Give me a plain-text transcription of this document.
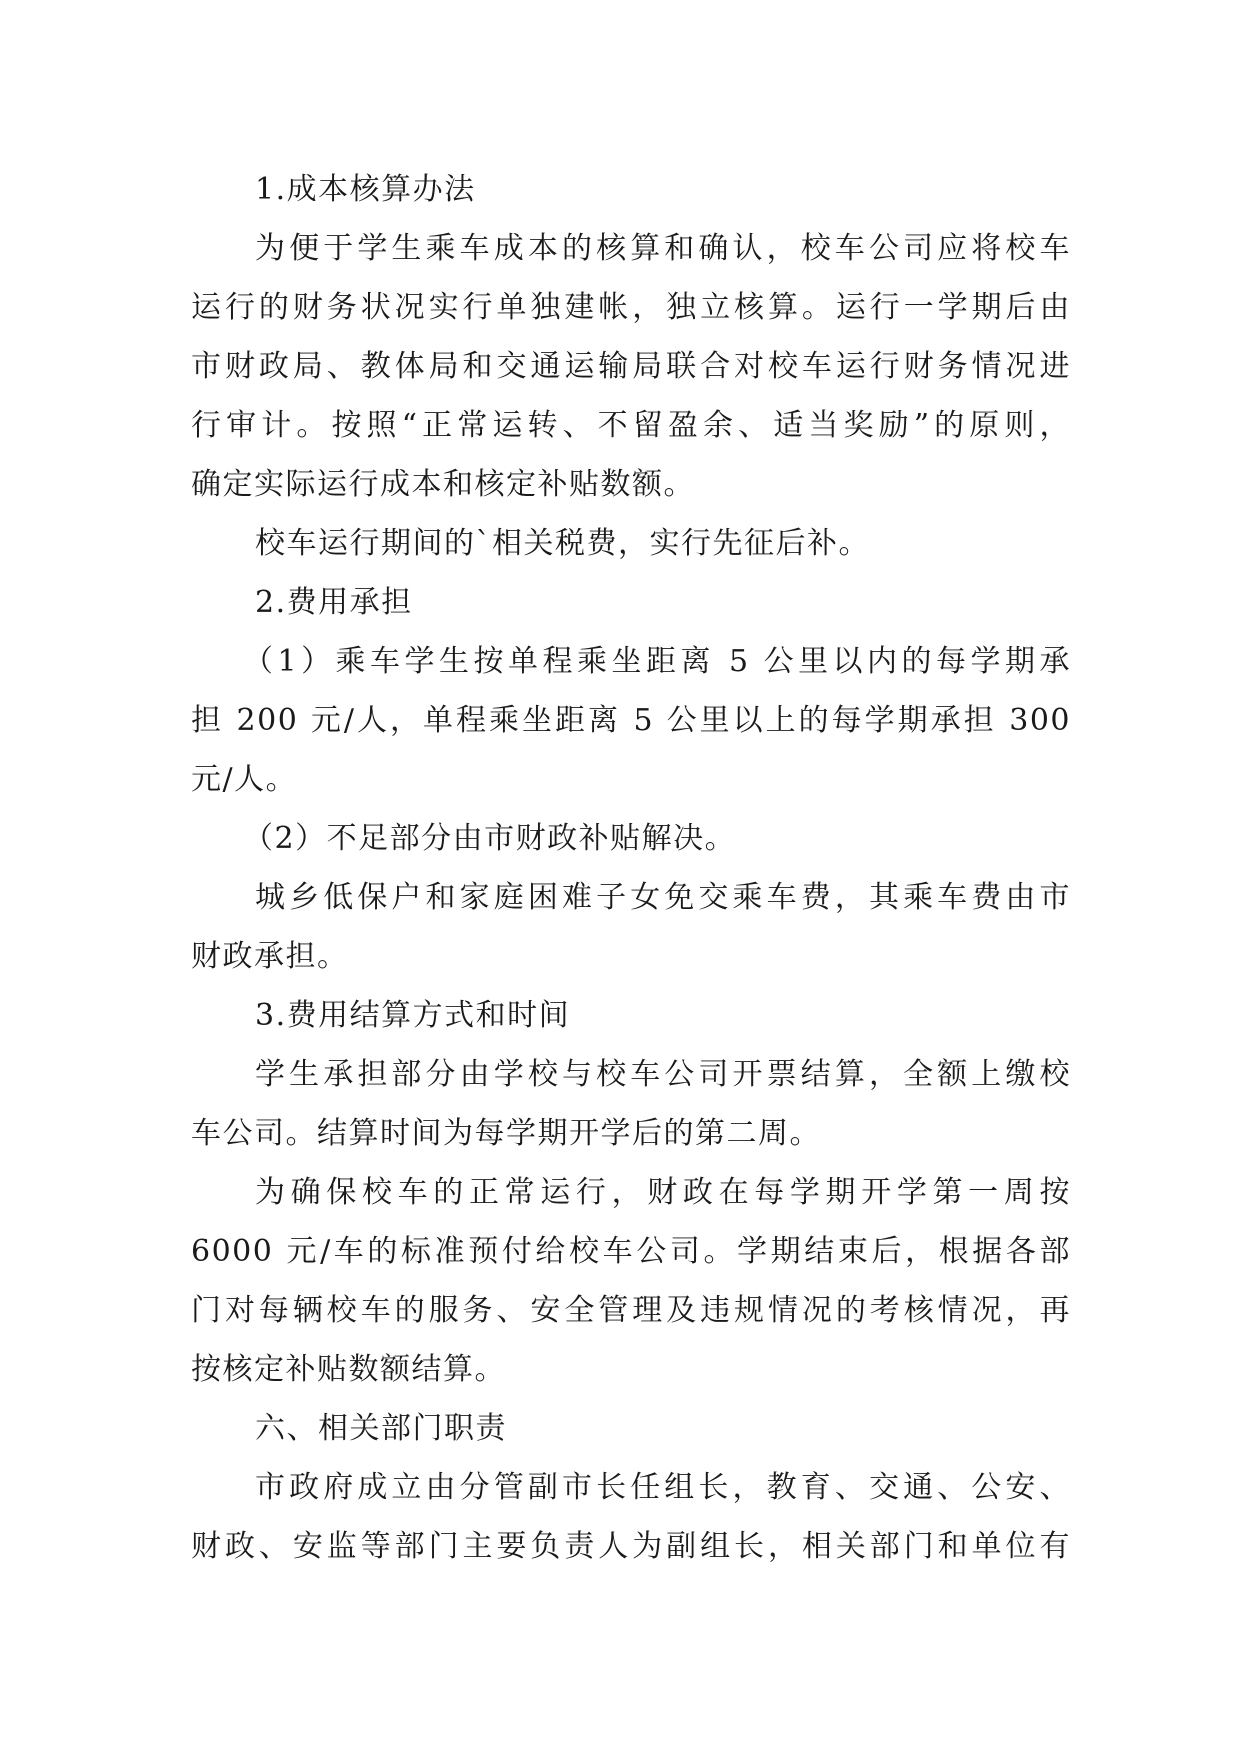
1.成本核算办法
为便于学生乘车成本的核算和确认，校车公司应将校车
运行的财务状况实行单独建帐，独立核算。运行一学期后由
市财政局、教体局和交通运输局联合对校车运行财务情况进
行审计。按照“正常运转、不留盈余、适当奖励”的原则，
确定实际运行成本和核定补贴数额。
校车运行期间的`相关税费，实行先征后补。
2.费用承担
（1）乘车学生按单程乘坐距离 5 公里以内的每学期承
担 200 元/人，单程乘坐距离 5 公里以上的每学期承担 300
元/人。
（2）不足部分由市财政补贴解决。
城乡低保户和家庭困难子女免交乘车费，其乘车费由市
财政承担。
3.费用结算方式和时间
学生承担部分由学校与校车公司开票结算，全额上缴校
车公司。结算时间为每学期开学后的第二周。
为确保校车的正常运行，财政在每学期开学第一周按
6000 元/车的标准预付给校车公司。学期结束后，根据各部
门对每辆校车的服务、安全管理及违规情况的考核情况，再
按核定补贴数额结算。
六、相关部门职责
市政府成立由分管副市长任组长，教育、交通、公安、
财政、安监等部门主要负责人为副组长，相关部门和单位有
